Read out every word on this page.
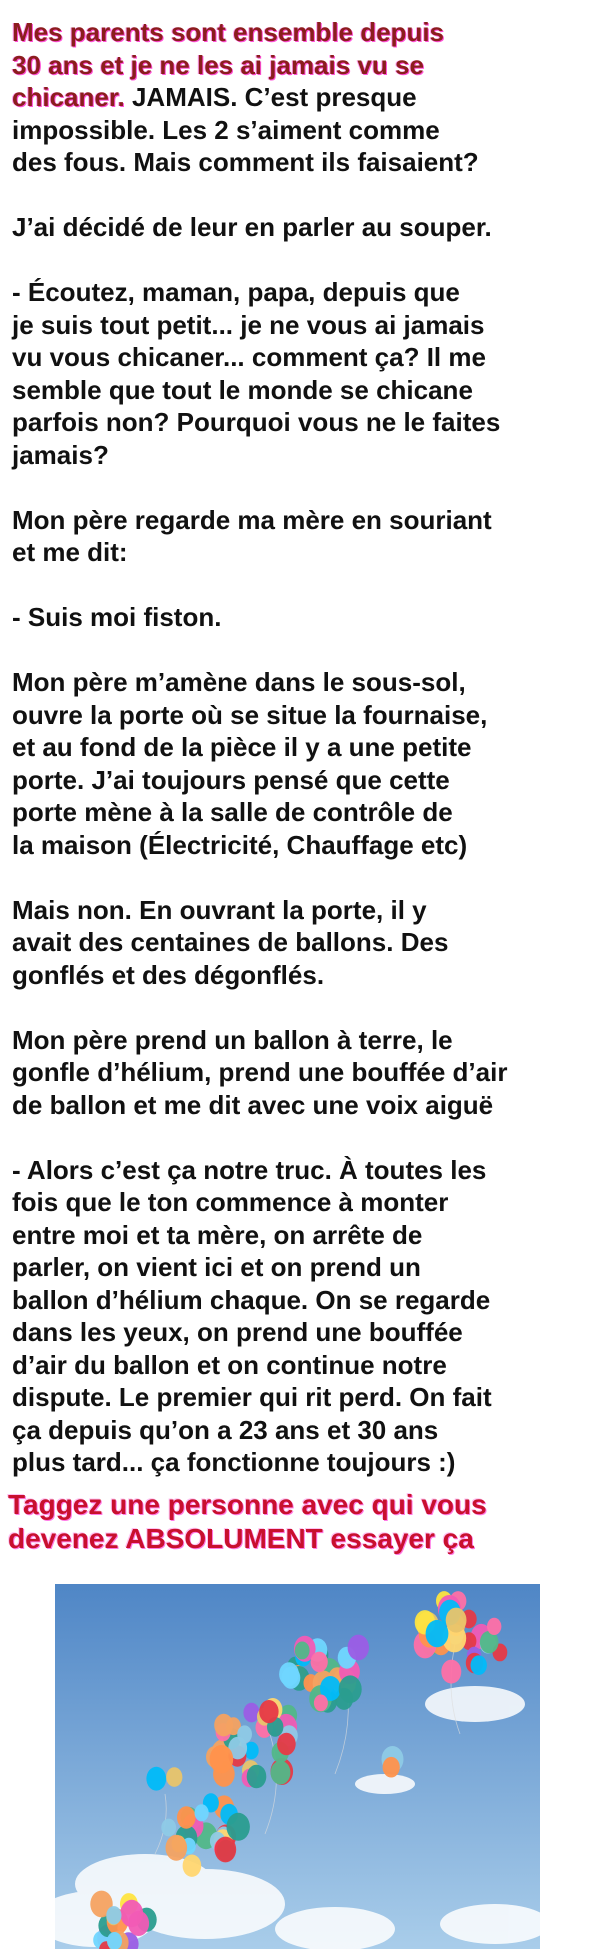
Mes parents sont ensemble depuis
30 ans et je ne les ai jamais vu se
chicaner. JAMAIS. C’est presque
impossible. Les 2 s’aiment comme
des fous. Mais comment ils faisaient?

J’ai décidé de leur en parler au souper.

- Écoutez, maman, papa, depuis que
je suis tout petit... je ne vous ai jamais
vu vous chicaner... comment ça? Il me
semble que tout le monde se chicane
parfois non? Pourquoi vous ne le faites
jamais?

Mon père regarde ma mère en souriant
et me dit:

- Suis moi fiston.

Mon père m’amène dans le sous-sol,
ouvre la porte où se situe la fournaise,
et au fond de la pièce il y a une petite
porte. J’ai toujours pensé que cette
porte mène à la salle de contrôle de
la maison (Électricité, Chauffage etc)

Mais non. En ouvrant la porte, il y
avait des centaines de ballons. Des
gonflés et des dégonflés.

Mon père prend un ballon à terre, le
gonfle d’hélium, prend une bouffée d’air
de ballon et me dit avec une voix aiguë

- Alors c’est ça notre truc. À toutes les
fois que le ton commence à monter
entre moi et ta mère, on arrête de
parler, on vient ici et on prend un
ballon d’hélium chaque. On se regarde
dans les yeux, on prend une bouffée
d’air du ballon et on continue notre
dispute. Le premier qui rit perd. On fait
ça depuis qu’on a 23 ans et 30 ans
plus tard... ça fonctionne toujours :)

Taggez une personne avec qui vous
devenez ABSOLUMENT essayer ça
